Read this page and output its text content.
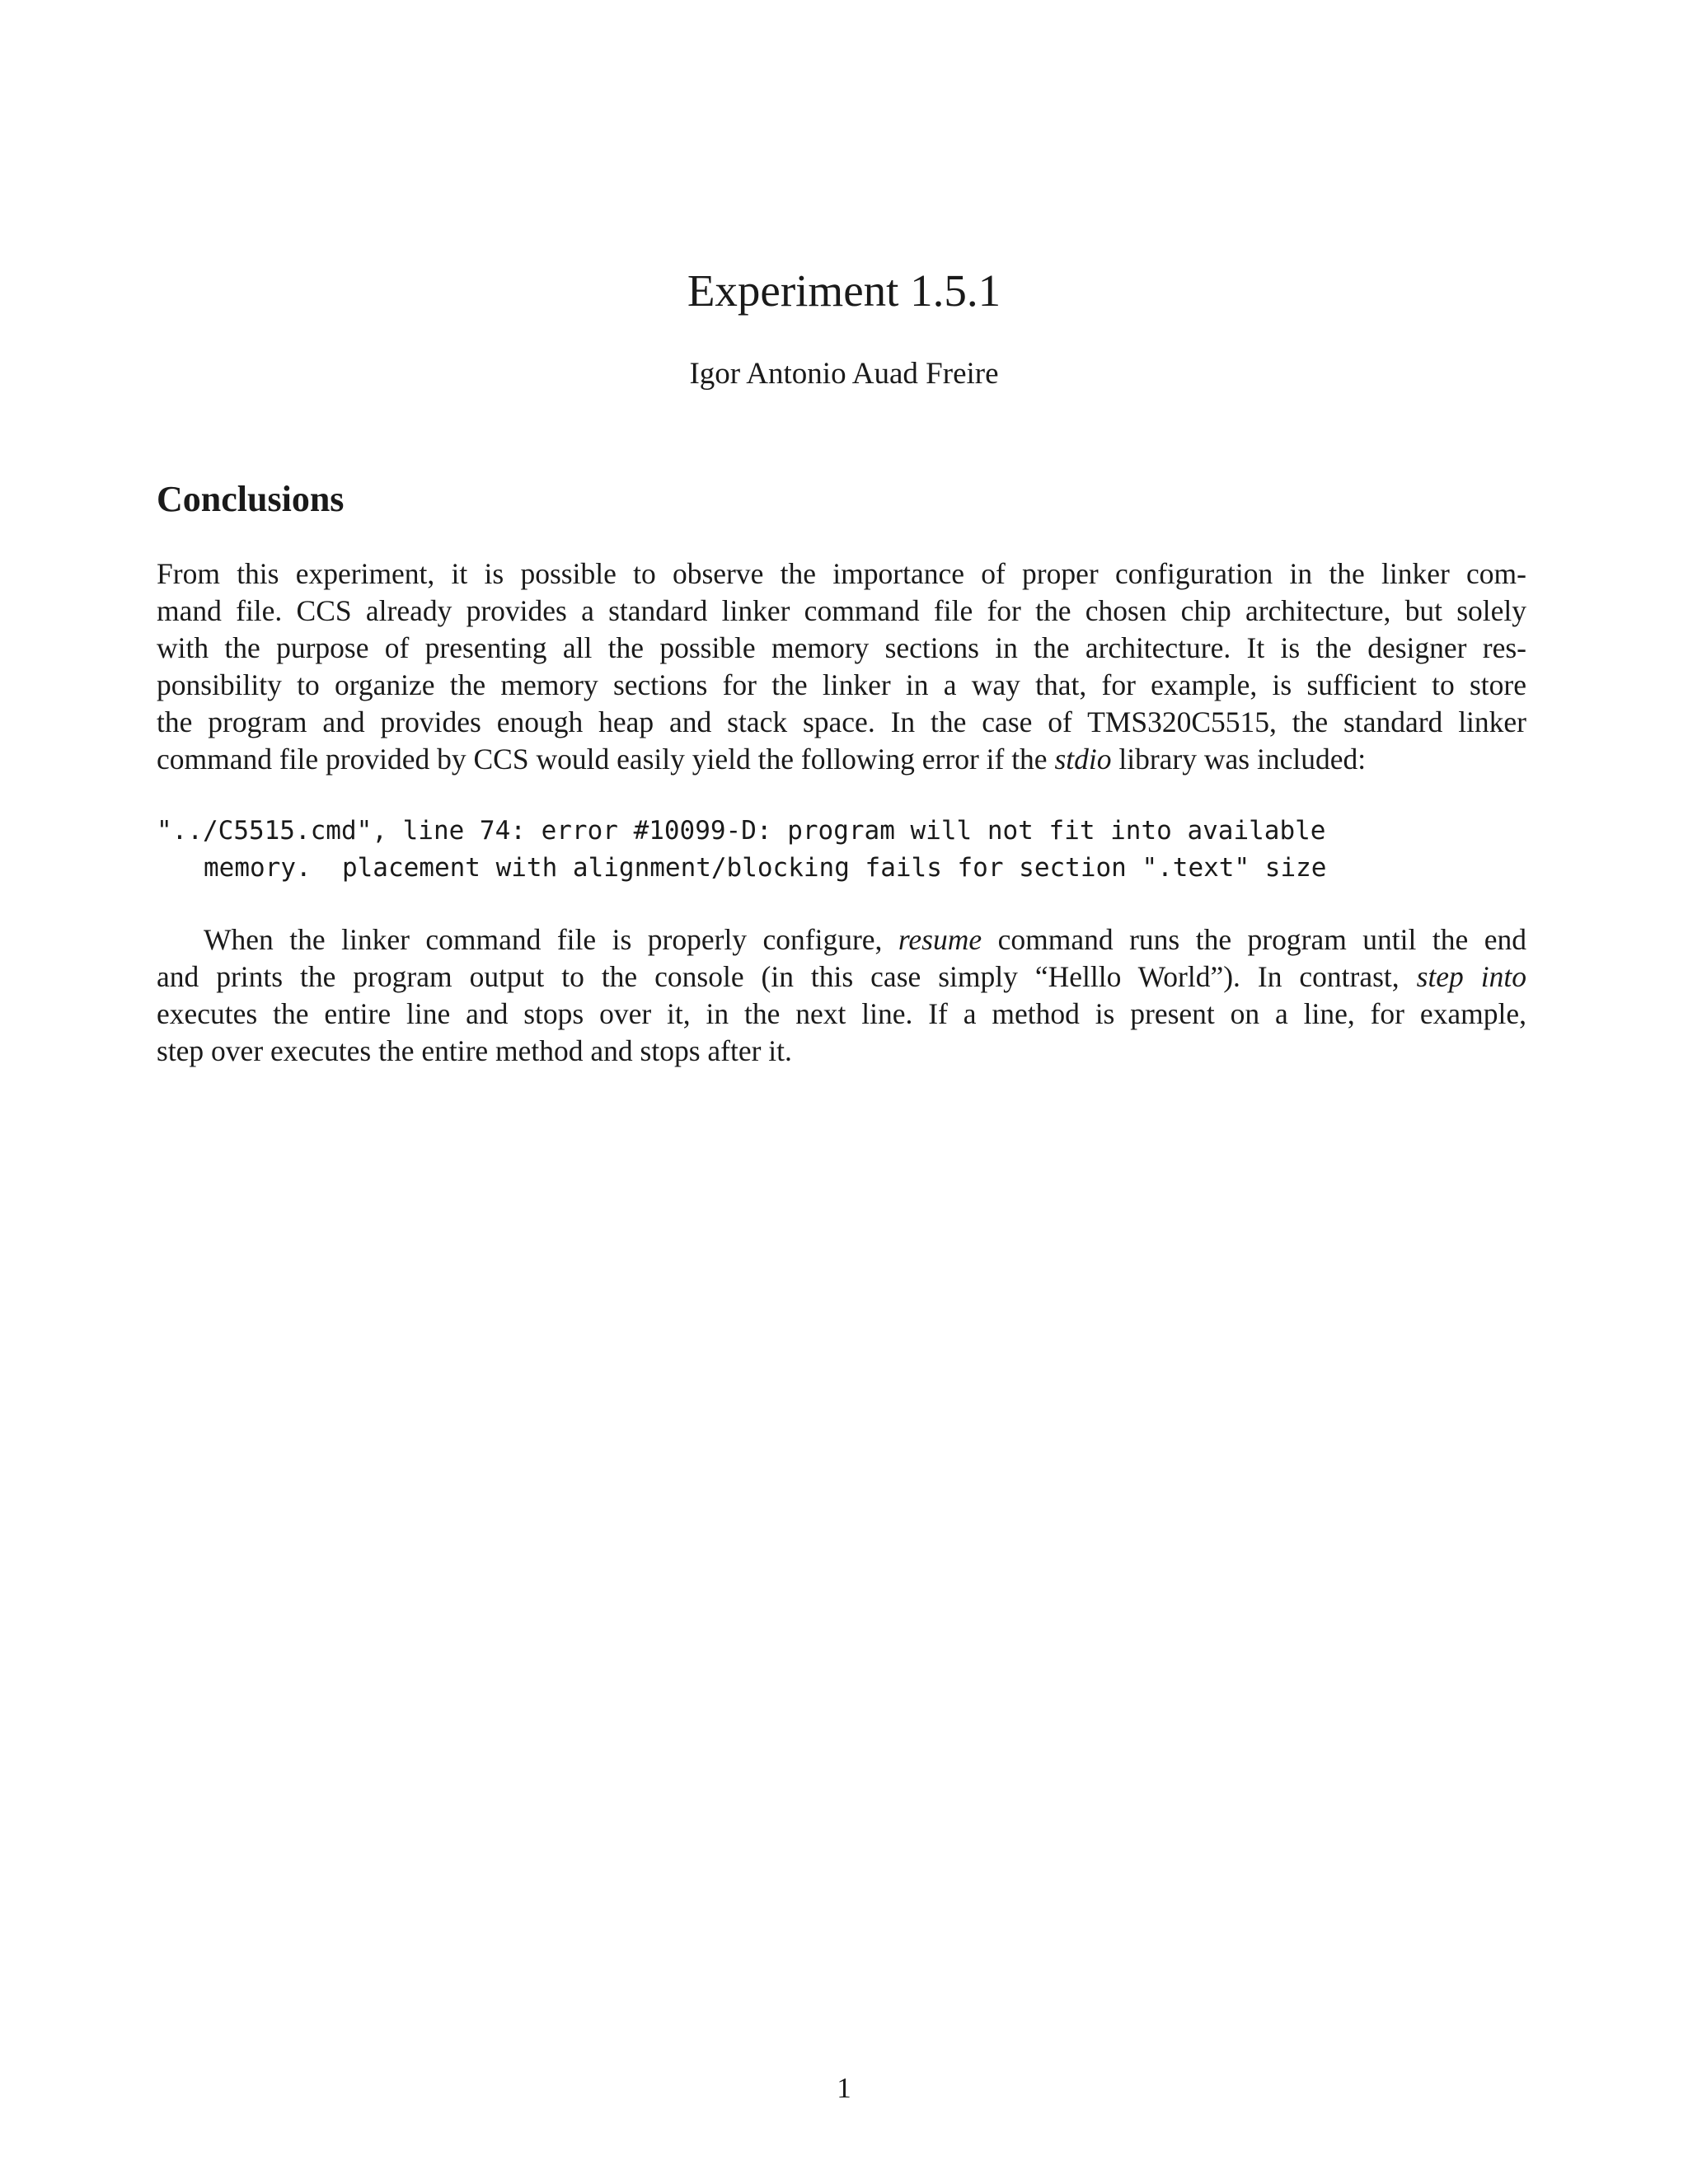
Experiment 1.5.1
Igor Antonio Auad Freire
Conclusions
From this experiment, it is possible to observe the importance of proper configuration in the linker com-
mand file. CCS already provides a standard linker command file for the chosen chip architecture, but solely
with the purpose of presenting all the possible memory sections in the architecture. It is the designer res-
ponsibility to organize the memory sections for the linker in a way that, for example, is sufficient to store
the program and provides enough heap and stack space. In the case of TMS320C5515, the standard linker
command file provided by CCS would easily yield the following error if the stdio library was included:
"../C5515.cmd", line 74: error #10099-D: program will not fit into available
memory.  placement with alignment/blocking fails for section ".text" size
When the linker command file is properly configure, resume command runs the program until the end
and prints the program output to the console (in this case simply “Helllo World”). In contrast, step into
executes the entire line and stops over it, in the next line. If a method is present on a line, for example,
step over executes the entire method and stops after it.
1
